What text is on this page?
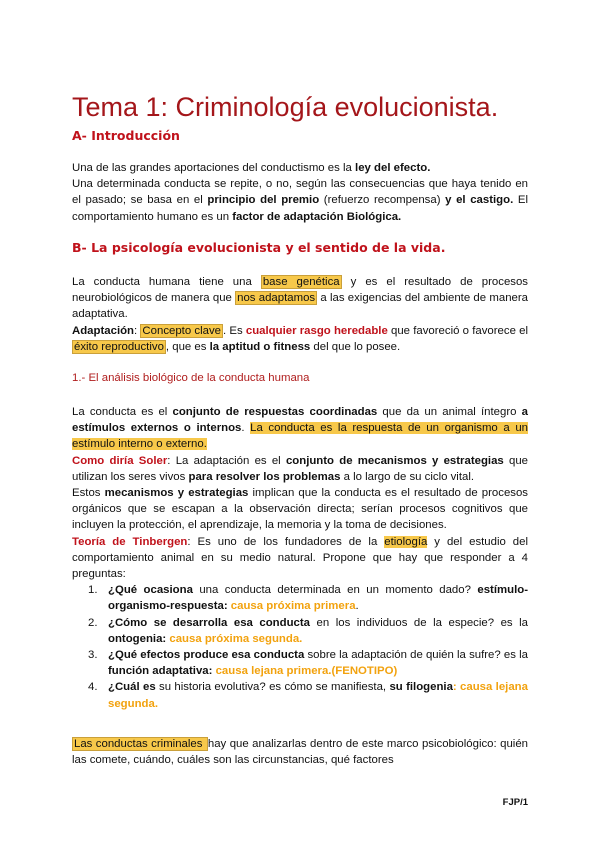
Tema 1: Criminología evolucionista.
A- Introducción
Una de las grandes aportaciones del conductismo es la ley del efecto.
Una determinada conducta se repite, o no, según las consecuencias que haya tenido en el pasado; se basa en el principio del premio (refuerzo recompensa) y el castigo. El comportamiento humano es un factor de adaptación Biológica.
B- La psicología evolucionista y el sentido de la vida.
La conducta humana tiene una base genética y es el resultado de procesos neurobiológicos de manera que nos adaptamos a las exigencias del ambiente de manera adaptativa.
Adaptación: Concepto clave . Es cualquier rasgo heredable que favoreció o favorece el éxito reproductivo , que es la aptitud o fitness del que lo posee.
1.- El análisis biológico de la conducta humana
La conducta es el conjunto de respuestas coordinadas que da un animal íntegro a estímulos externos o internos. La conducta es la respuesta de un organismo a un estímulo interno o externo.
Como diría Soler: La adaptación es el conjunto de mecanismos y estrategias que utilizan los seres vivos para resolver los problemas a lo largo de su ciclo vital.
Estos mecanismos y estrategias implican que la conducta es el resultado de procesos orgánicos que se escapan a la observación directa; serían procesos cognitivos que incluyen la protección, el aprendizaje, la memoria y la toma de decisiones.
Teoría de Tinbergen: Es uno de los fundadores de la etiología y del estudio del comportamiento animal en su medio natural. Propone que hay que responder a 4 preguntas:
1. ¿Qué ocasiona una conducta determinada en un momento dado? estímulo-organismo-respuesta: causa próxima primera.
2. ¿Cómo se desarrolla esa conducta en los individuos de la especie? es la ontogenia: causa próxima segunda.
3. ¿Qué efectos produce esa conducta sobre la adaptación de quién la sufre? es la función adaptativa: causa lejana primera.(FENOTIPO)
4. ¿Cuál es su historia evolutiva? es cómo se manifiesta, su filogenia: causa lejana segunda.
Las conductas criminales hay que analizarlas dentro de este marco psicobiológico: quién las comete, cuándo, cuáles son las circunstancias, qué factores
FJP/1
